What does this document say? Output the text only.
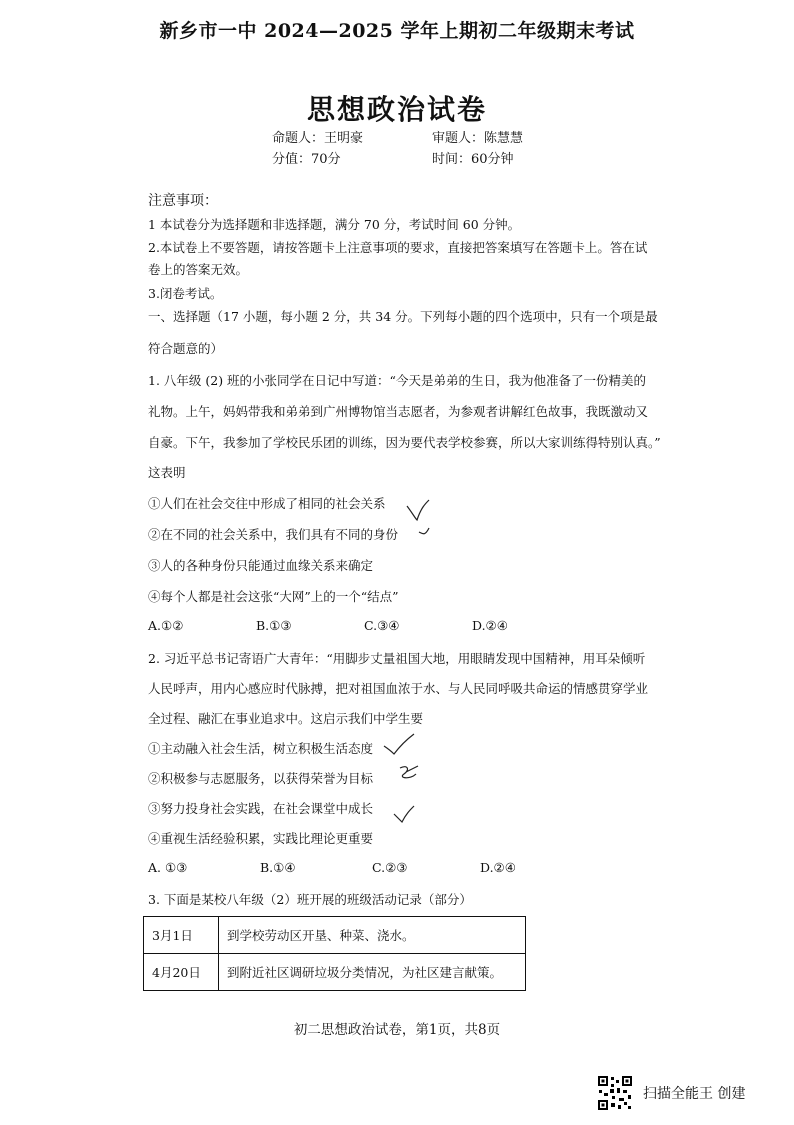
新乡市一中 2024—2025 学年上期初二年级期末考试
思想政治试卷
命题人：王明豪	审题人：陈慧慧
分值：70分	时间：60分钟
注意事项：
1 本试卷分为选择题和非选择题，满分 70 分，考试时间 60 分钟。
2.本试卷上不要答题，请按答题卡上注意事项的要求，直接把答案填写在答题卡上。答在试
卷上的答案无效。
3.闭卷考试。
一、选择题（17 小题，每小题 2 分，共 34 分。下列每小题的四个选项中，只有一个项是最
符合题意的）
1. 八年级 (2) 班的小张同学在日记中写道：“今天是弟弟的生日，我为他准备了一份精美的
礼物。上午，妈妈带我和弟弟到广州博物馆当志愿者，为参观者讲解红色故事，我既激动又
自豪。下午，我参加了学校民乐团的训练，因为要代表学校参赛，所以大家训练得特别认真。”
这表明
①人们在社会交往中形成了相同的社会关系
②在不同的社会关系中，我们具有不同的身份
③人的各种身份只能通过血缘关系来确定
④每个人都是社会这张“大网”上的一个“结点”
A.①②	B.①③	C.③④	D.②④
2. 习近平总书记寄语广大青年：“用脚步丈量祖国大地，用眼睛发现中国精神，用耳朵倾听
人民呼声，用内心感应时代脉搏，把对祖国血浓于水、与人民同呼吸共命运的情感贯穿学业
全过程、融汇在事业追求中。这启示我们中学生要
①主动融入社会生活，树立积极生活态度
②积极参与志愿服务，以获得荣誉为目标
③努力投身社会实践，在社会课堂中成长
④重视生活经验积累，实践比理论更重要
A. ①③	B.①④	C.②③	D.②④
3. 下面是某校八年级（2）班开展的班级活动记录（部分）
3月1日	到学校劳动区开垦、种菜、浇水。
4月20日	到附近社区调研垃圾分类情况，为社区建言献策。
初二思想政治试卷，第1页，共8页
扫描全能王 创建
